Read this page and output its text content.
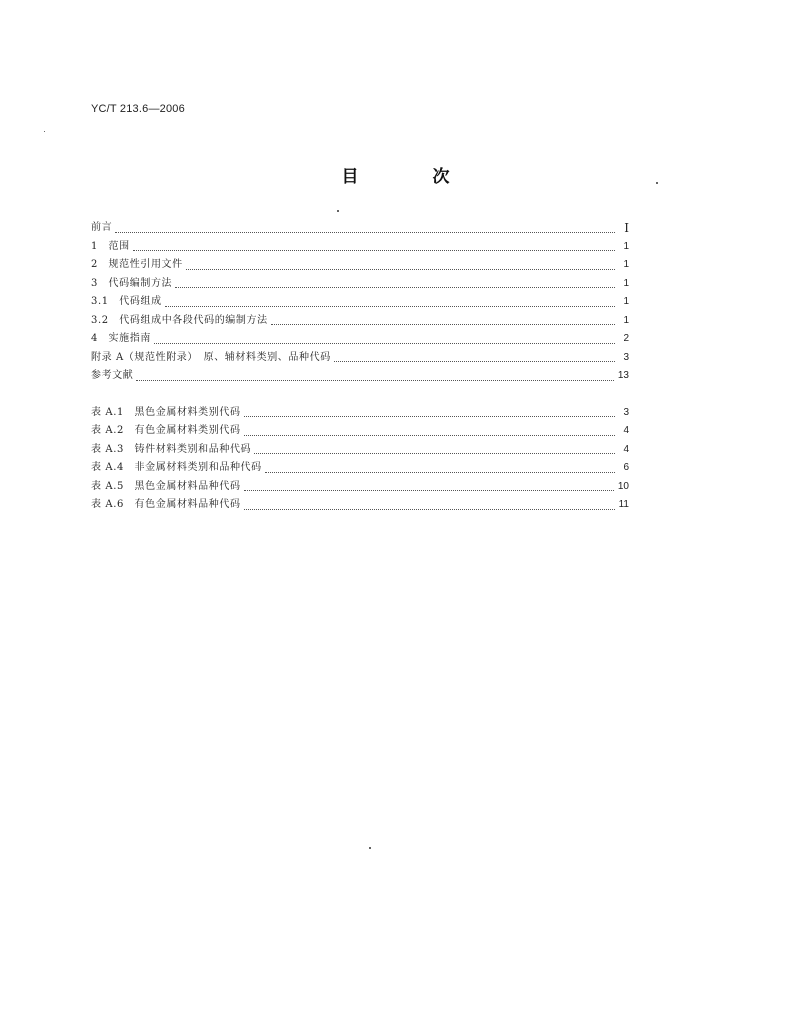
YC/T 213.6—2006
目 次
前言	Ⅰ
1　范围	1
2　规范性引用文件	1
3　代码编制方法	1
3.1　代码组成	1
3.2　代码组成中各段代码的编制方法	1
4　实施指南	2
附录 A（规范性附录）　原、辅材料类别、品种代码	3
参考文献	13
表 A.1　黑色金属材料类别代码	3
表 A.2　有色金属材料类别代码	4
表 A.3　铸件材料类别和品种代码	4
表 A.4　非金属材料类别和品种代码	6
表 A.5　黑色金属材料品种代码	10
表 A.6　有色金属材料品种代码	11
